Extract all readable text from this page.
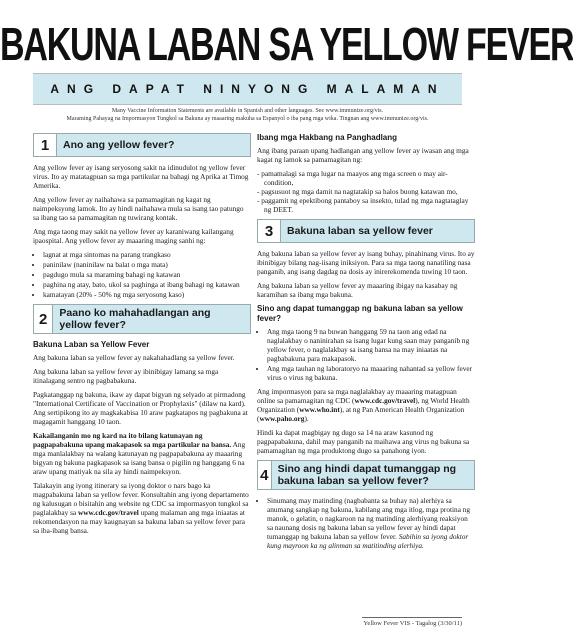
BAKUNA LABAN SA YELLOW FEVER
ANG DAPAT NINYONG MALAMAN
Many Vaccine Information Statements are available in Spanish and other languages. See www.immunize.org/vis.
Maraming Pahayag na Impormasyon Tungkol sa Bakuna ay maaaring makuha sa Espanyol o iba pang mga wika. Tingnan ang www.immunize.org/vis.
1	Ano ang yellow fever?

Ang yellow fever ay isang seryosong sakit na idinudulot ng yellow fever virus. Ito ay matatagpuan sa mga partikular na bahagi ng Aprika at Timog Amerika.

Ang yellow fever ay naihahawa sa pamamagitan ng kagat ng naimpeksyong lamok. Ito ay hindi naihahawa mula sa isang tao patungo sa ibang tao sa pamamagitan ng tuwirang kontak.

Ang mga taong may sakit na yellow fever ay karaniwang kailangang ipaospital. Ang yellow fever ay maaaring maging sanhi ng:

• lagnat at mga sintomas na parang trangkaso
• paninilaw (naninilaw na balat o mga mata)
• pagdugo mula sa maraming bahagi ng katawan
• paghina ng atay, bato, ukol sa paghinga at ibang bahagi ng katawan
• kamatayan (20% - 50% ng mga seryosong kaso)
2	Paano ko mahahadlangan ang yellow fever?
Bakuna Laban sa Yellow Fever

Ang bakuna laban sa yellow fever ay nakahahadlang sa yellow fever.

Ang bakuna laban sa yellow fever ay ibinibigay lamang sa mga itinalagang sentro ng pagbabakuna.

Pagkatanggap ng bakuna, ikaw ay dapat bigyan ng selyado at pirmadong "International Certificate of Vaccination or Prophylaxis" (dilaw na kard). Ang sertipikong ito ay magkakabisa 10 araw pagkatapos ng pagbakuna at magagamit hanggang 10 taon.

Kakailanganin mo ng kard na ito bilang katunayan ng pagpapabakuna upang makapasok sa mga partikular na bansa. Ang mga manlalakbay na walang katunayan ng pagpapabakuna ay maaaring bigyan ng bakuna pagkapasok sa isang bansa o pigilin ng hanggang 6 na araw upang matiyak na sila ay hindi naimpeksyon.

Talakayin ang iyong itinerary sa iyong doktor o nars bago ka magpabakuna laban sa yellow fever. Konsultahin ang iyong departamento ng kalusugan o bisitahin ang website ng CDC sa impormasyon tungkol sa paglalakbay sa www.cdc.gov/travel upang malaman ang mga iniaatas at rekomendasyon na may kaugnayan sa bakuna laban sa yellow fever para sa iba-ibang bansa.

Ibang mga Hakbang na Panghadlang

Ang ibang paraan upang hadlangan ang yellow fever ay iwasan ang mga kagat ng lamok sa pamamagitan ng:

- pamamalagi sa mga lugar na maayos ang mga screen o may air-condition,
- pagsusuot ng mga damit na nagtatakip sa halos buong katawan mo,
- paggamit ng epektibong pantaboy sa insekto, tulad ng mga nagtataglay ng DEET.
3	Bakuna laban sa yellow fever

Ang bakuna laban sa yellow fever ay isang buhay, pinahinang virus. Ito ay ibinibigay bilang nag-iisang iniksiyon. Para sa mga taong nanatiling nasa panganib, ang isang dagdag na dosis ay inirerekomenda tuwing 10 taon.

Ang bakuna laban sa yellow fever ay maaaring ibigay na kasabay ng karamihan sa ibang mga bakuna.

Sino ang dapat tumanggap ng bakuna laban sa yellow fever?
• Ang mga taong 9 na buwan hanggang 59 na taon ang edad na naglalakbay o naninirahan sa isang lugar kung saan may panganib ng yellow fever, o naglalakbay sa isang bansa na may iniaatas na pagbabakuna para makapasok.
• Ang mga tauhan ng laboratoryo na maaaring nahantad sa yellow fever virus o virus ng bakuna.

Ang impormasyon para sa mga naglalakbay ay maaaring matagpuan online sa pamamagitan ng CDC (www.cdc.gov/travel), ng World Health Organization (www.who.int), at ng Pan American Health Organization (www.paho.org).

Hindi ka dapat magbigay ng dugo sa 14 na araw kasunod ng pagpapabakuna, dahil may panganib na maihawa ang virus ng bakuna sa pamamagitan ng mga produktong dugo sa panahong iyon.

4 Sino ang hindi dapat tumanggap ng bakuna laban sa yellow fever?
• Sinumang may matinding (nagbabanta sa buhay na) alerhiya sa anumang sangkap ng bakuna, kabilang ang mga itlog, mga protina ng manok, o gelatin, o nagkaroon na ng matinding alerhiyang reaksiyon sa naunang dosis ng bakuna laban sa yellow fever ay hindi dapat tumanggap ng bakuna laban sa yellow fever. Sabihin sa iyong doktor kung mayroon ka ng alinman sa matitinding alerhiya.
Yellow Fever VIS - Tagalog (3/30/11)
